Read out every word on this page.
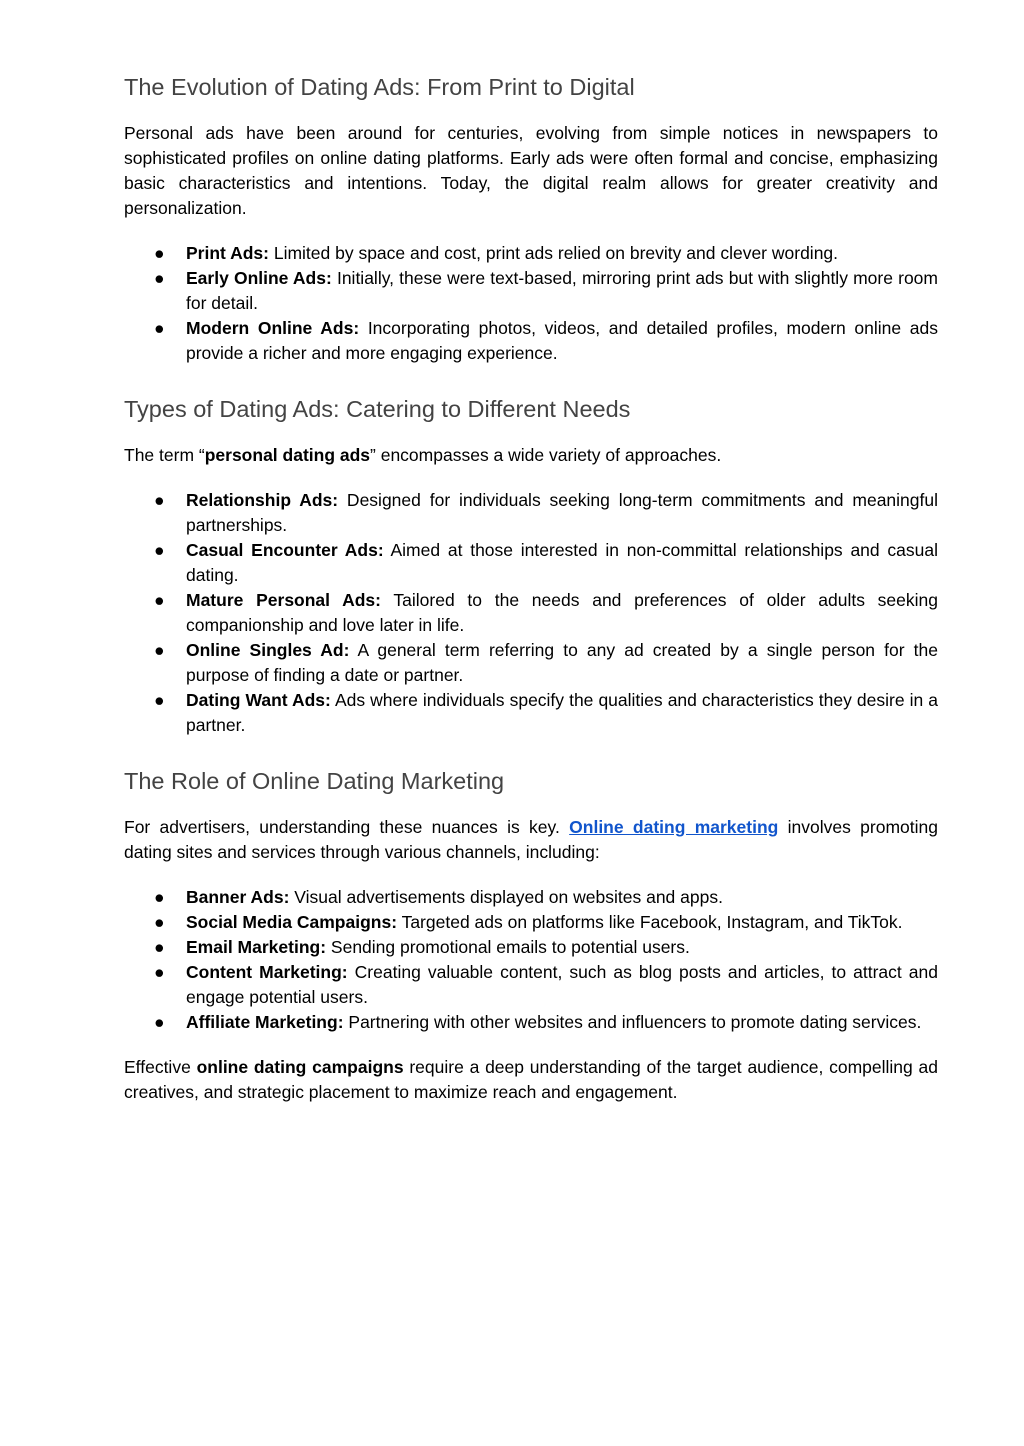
The Evolution of Dating Ads: From Print to Digital

Personal ads have been around for centuries, evolving from simple notices in newspapers to sophisticated profiles on online dating platforms. Early ads were often formal and concise, emphasizing basic characteristics and intentions. Today, the digital realm allows for greater creativity and personalization.

● Print Ads: Limited by space and cost, print ads relied on brevity and clever wording.
● Early Online Ads: Initially, these were text-based, mirroring print ads but with slightly more room for detail.
● Modern Online Ads: Incorporating photos, videos, and detailed profiles, modern online ads provide a richer and more engaging experience.
Types of Dating Ads: Catering to Different Needs

The term “personal dating ads” encompasses a wide variety of approaches.

● Relationship Ads: Designed for individuals seeking long-term commitments and meaningful partnerships.
● Casual Encounter Ads: Aimed at those interested in non-committal relationships and casual dating.
● Mature Personal Ads: Tailored to the needs and preferences of older adults seeking companionship and love later in life.
● Online Singles Ad: A general term referring to any ad created by a single person for the purpose of finding a date or partner.
● Dating Want Ads: Ads where individuals specify the qualities and characteristics they desire in a partner.
The Role of Online Dating Marketing

For advertisers, understanding these nuances is key. Online dating marketing involves promoting dating sites and services through various channels, including:

● Banner Ads: Visual advertisements displayed on websites and apps.
● Social Media Campaigns: Targeted ads on platforms like Facebook, Instagram, and TikTok.
● Email Marketing: Sending promotional emails to potential users.
● Content Marketing: Creating valuable content, such as blog posts and articles, to attract and engage potential users.
● Affiliate Marketing: Partnering with other websites and influencers to promote dating services.

Effective online dating campaigns require a deep understanding of the target audience, compelling ad creatives, and strategic placement to maximize reach and engagement.
